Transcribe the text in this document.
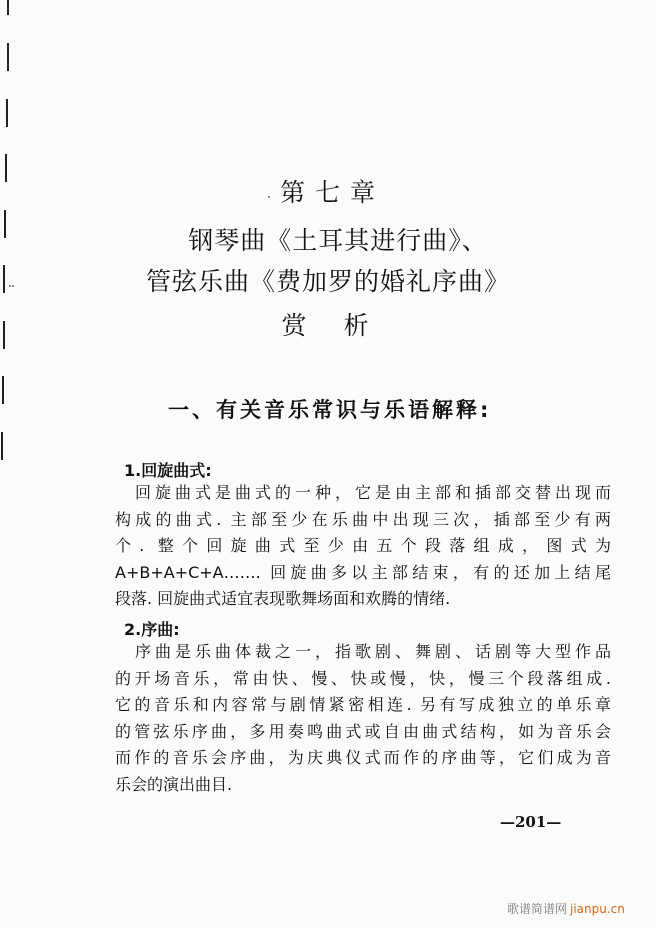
第 七 章
钢琴曲《土耳其进行曲》、
管弦乐曲《费加罗的婚礼序曲》
赏　析
一、有关音乐常识与乐语解释:
1.回旋曲式:
　回旋曲式是曲式的一种，它是由主部和插部交替出现而
构成的曲式. 主部至少在乐曲中出现三次，插部至少有两
个. 整个回旋曲式至少由五个段落组成，图式为
A+B+A+C+A……. 回旋曲多以主部结束，有的还加上结尾
段落. 回旋曲式适宜表现歌舞场面和欢腾的情绪.
2.序曲:
　序曲是乐曲体裁之一，指歌剧、舞剧、话剧等大型作品
的开场音乐，常由快、慢、快或慢，快，慢三个段落组成.
它的音乐和内容常与剧情紧密相连. 另有写成独立的单乐章
的管弦乐序曲，多用奏鸣曲式或自由曲式结构，如为音乐会
而作的音乐会序曲，为庆典仪式而作的序曲等，它们成为音
乐会的演出曲目.
—201—
歌谱简谱网 jianpu.cn
